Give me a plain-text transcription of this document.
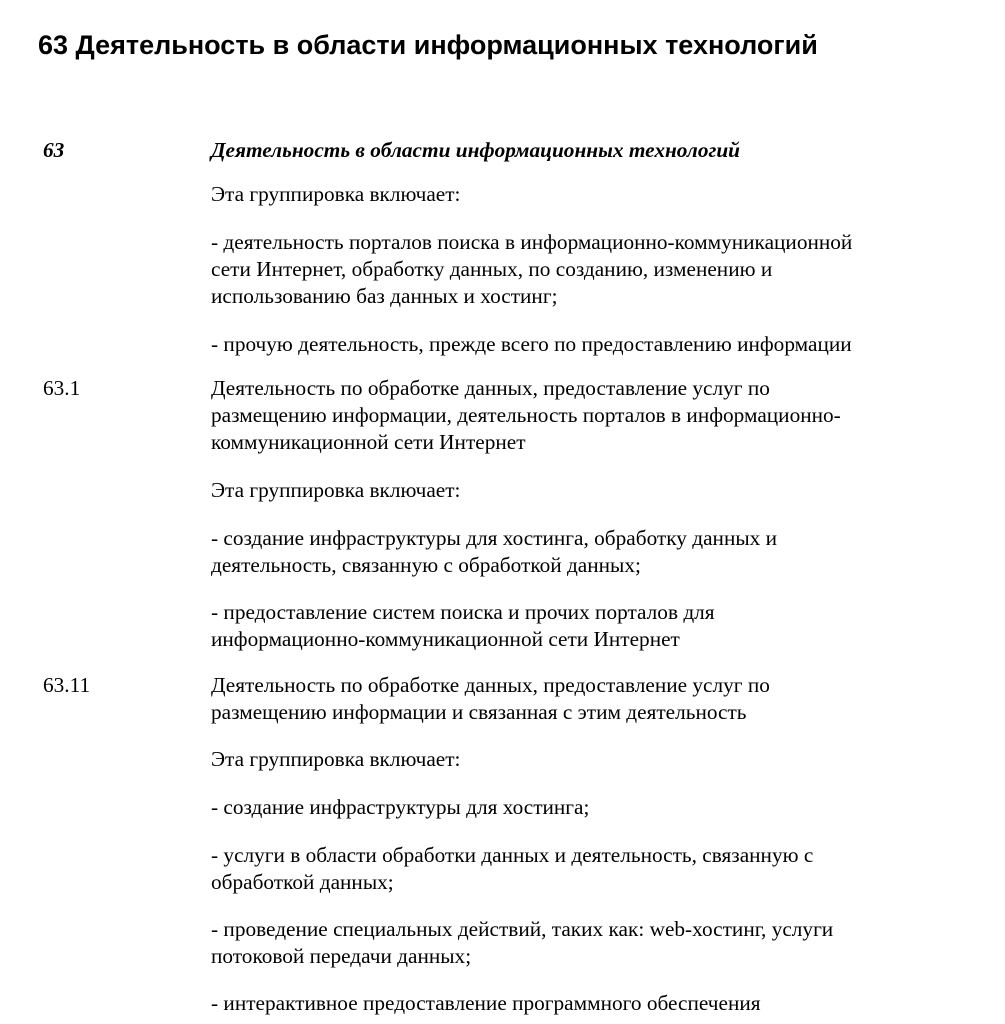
63 Деятельность в области информационных технологий

63	Деятельность в области информационных технологий

Эта группировка включает:

- деятельность порталов поиска в информационно-коммуникационной
сети Интернет, обработку данных, по созданию, изменению и
использованию баз данных и хостинг;
- прочую деятельность, прежде всего по предоставлению информации

63.1	Деятельность по обработке данных, предоставление услуг по
размещению информации, деятельность порталов в информационно-
коммуникационной сети Интернет

Эта группировка включает:

- создание инфраструктуры для хостинга, обработку данных и
деятельность, связанную с обработкой данных;
- предоставление систем поиска и прочих порталов для
информационно-коммуникационной сети Интернет

63.11	Деятельность по обработке данных, предоставление услуг по
размещению информации и связанная с этим деятельность

Эта группировка включает:

- создание инфраструктуры для хостинга;
- услуги в области обработки данных и деятельность, связанную с
обработкой данных;
- проведение специальных действий, таких как: web-хостинг, услуги
потоковой передачи данных;
- интерактивное предоставление программного обеспечения
